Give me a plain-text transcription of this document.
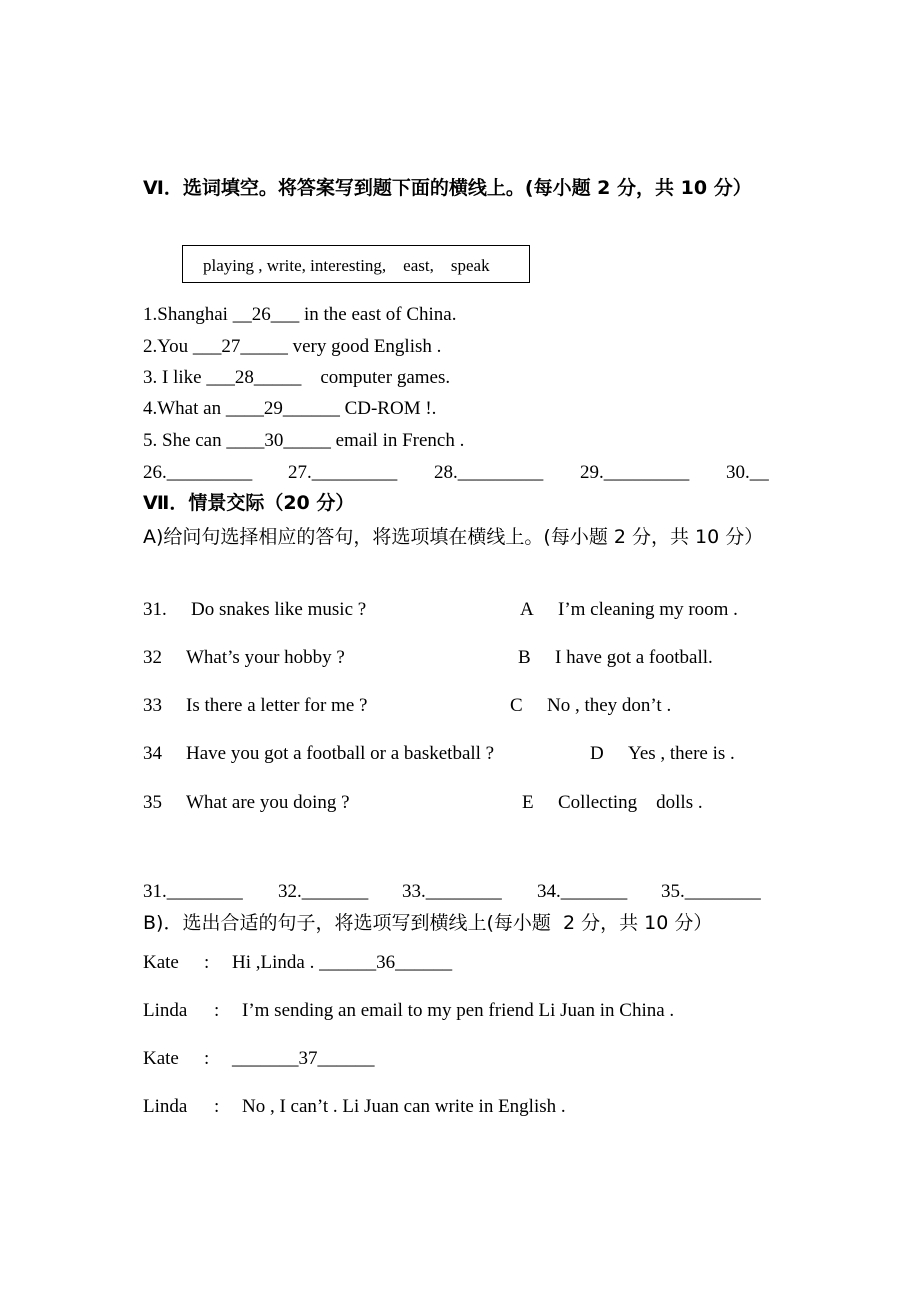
Ⅵ．选词填空。将答案写到题下面的横线上。(每小题 2 分，共 10 分）
playing , write, interesting,    east,    speak
1.Shanghai __26___ in the east of China.
2.You ___27_____ very good English .
3. I like ___28_____    computer games.
4.What an ____29______ CD-ROM !.
5. She can ____30_____ email in French .
26._________ 27._________ 28._________ 29._________ 30.__
Ⅶ．情景交际（20 分）
A)给问句选择相应的答句，将选项填在横线上。(每小题 2 分，共 10 分）
31. Do snakes like music ?	A I’m cleaning my room .
32 What’s your hobby ?	B I have got a football.
33 Is there a letter for me ?	C No , they don’t .
34 Have you got a football or a basketball ?	D Yes , there is .
35 What are you doing ?	E Collecting    dolls .
31.________ 32._______ 33.________ 34._______ 35.________
B)．选出合适的句子，将选项写到横线上(每小题  2 分，共 10 分）
Kate : Hi ,Linda . ______36______
Linda : I’m sending an email to my pen friend Li Juan in China .
Kate : _______37______
Linda : No , I can’t . Li Juan can write in English .
